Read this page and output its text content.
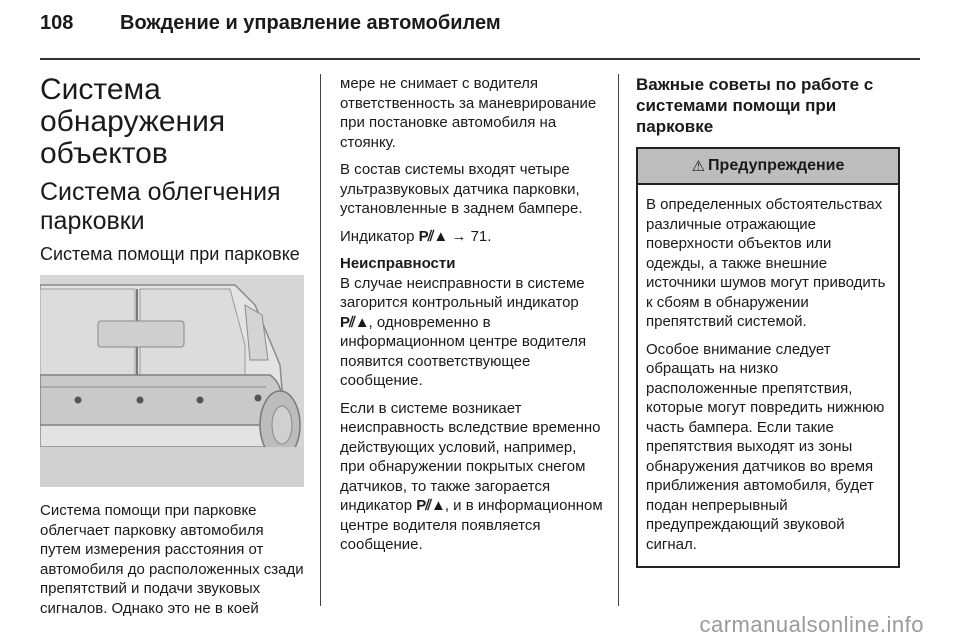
108 Вождение и управление автомобилем
Система обнаружения объектов
Система облегчения парковки
Система помощи при парковке
Система помощи при парковке облегчает парковку автомобиля путем измерения расстояния от автомобиля до расположенных сзади препятствий и подачи звуковых сигналов. Однако это не в коей
мере не снимает с водителя ответственность за маневрирование при постановке автомобиля на стоянку.
В состав системы входят четыре ультразвуковых датчика парковки, установленные в заднем бампере.
Индикатор P⫽▲ → 71.
Неисправности
В случае неисправности в системе загорится контрольный индикатор P⫽▲, одновременно в информационном центре водителя появится соответствующее сообщение.
Если в системе возникает неисправность вследствие временно действующих условий, например, при обнаружении покрытых снегом датчиков, то также загорается индикатор P⫽▲, и в информационном центре водителя появляется сообщение.
Важные советы по работе с системами помощи при парковке
⚠ Предупреждение
В определенных обстоятельствах различные отражающие поверхности объектов или одежды, а также внешние источники шумов могут приводить к сбоям в обнаружении препятствий системой.
Особое внимание следует обращать на низко расположенные препятствия, которые могут повредить нижнюю часть бампера. Если такие препятствия выходят из зоны обнаружения датчиков во время приближения автомобиля, будет подан непрерывный предупреждающий звуковой сигнал.
carmanualsonline.info
